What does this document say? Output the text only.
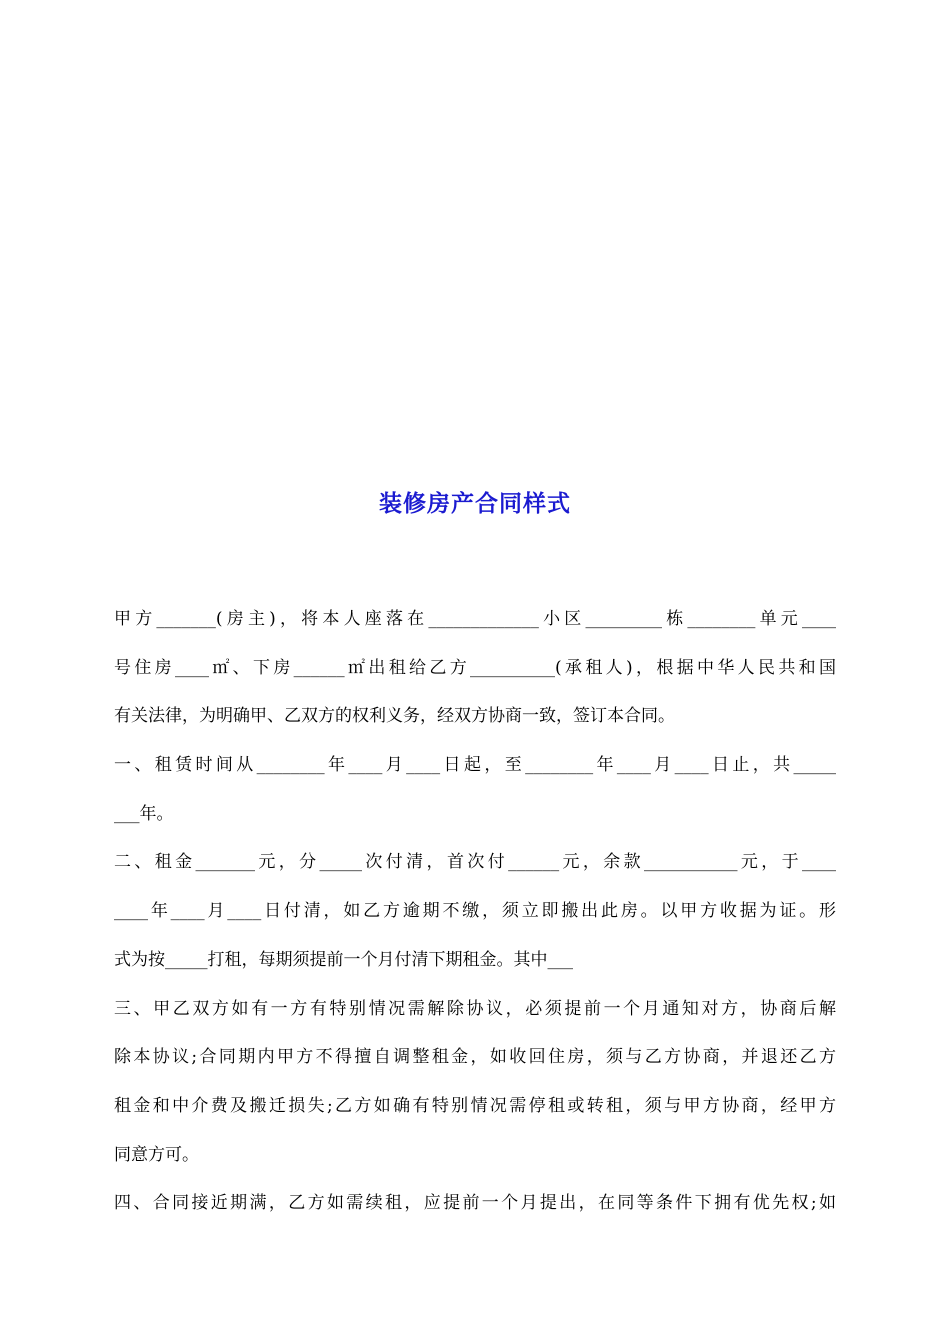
装修房产合同样式
甲方_______(房主)，将本人座落在_____________小区_________栋________单元____
号住房____㎡、下房______㎡出租给乙方__________(承租人)，根据中华人民共和国
有关法律，为明确甲、乙双方的权利义务，经双方协商一致，签订本合同。
一、租赁时间从________年____月____日起，至________年____月____日止，共_____
___年。
二、租金_______元，分_____次付清，首次付______元，余款___________元，于____
____年____月____日付清，如乙方逾期不缴，须立即搬出此房。以甲方收据为证。形
式为按_____打租，每期须提前一个月付清下期租金。其中___
三、甲乙双方如有一方有特别情况需解除协议，必须提前一个月通知对方，协商后解
除本协议;合同期内甲方不得擅自调整租金，如收回住房，须与乙方协商，并退还乙方
租金和中介费及搬迁损失;乙方如确有特别情况需停租或转租，须与甲方协商，经甲方
同意方可。
四、合同接近期满，乙方如需续租，应提前一个月提出，在同等条件下拥有优先权;如
